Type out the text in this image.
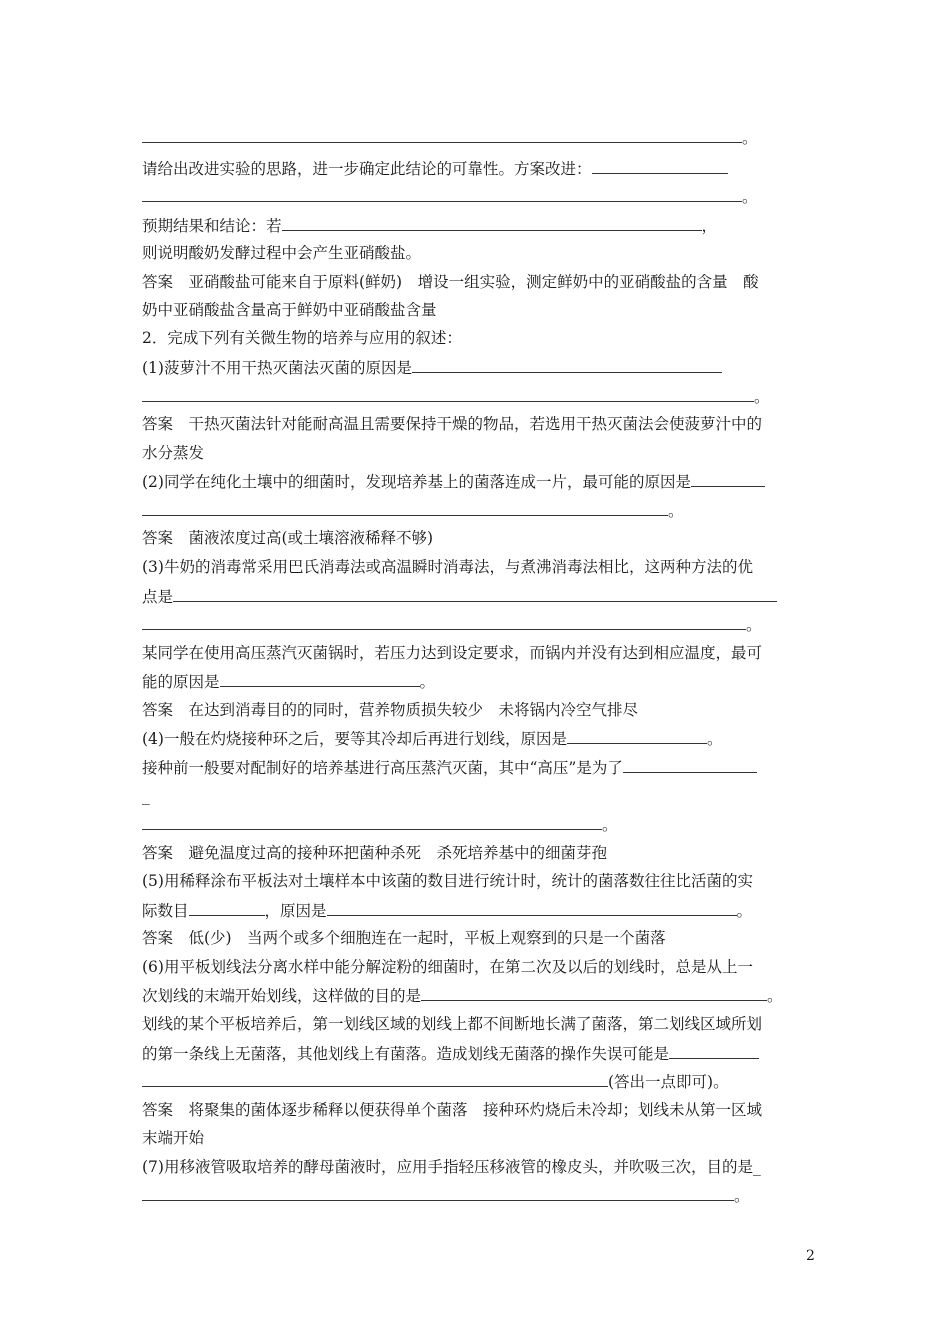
。
请给出改进实验的思路，进一步确定此结论的可靠性。方案改进：
。
预期结果和结论：若	，
则说明酸奶发酵过程中会产生亚硝酸盐。
答案　亚硝酸盐可能来自于原料(鲜奶)　增设一组实验，测定鲜奶中的亚硝酸盐的含量　酸
奶中亚硝酸盐含量高于鲜奶中亚硝酸盐含量
2．完成下列有关微生物的培养与应用的叙述：
(1)菠萝汁不用干热灭菌法灭菌的原因是
。
答案　干热灭菌法针对能耐高温且需要保持干燥的物品，若选用干热灭菌法会使菠萝汁中的
水分蒸发
(2)同学在纯化土壤中的细菌时，发现培养基上的菌落连成一片，最可能的原因是
。
答案　菌液浓度过高(或土壤溶液稀释不够)
(3)牛奶的消毒常采用巴氏消毒法或高温瞬时消毒法，与煮沸消毒法相比，这两种方法的优
点是
。
某同学在使用高压蒸汽灭菌锅时，若压力达到设定要求，而锅内并没有达到相应温度，最可
能的原因是	。
答案　在达到消毒目的的同时，营养物质损失较少　未将锅内冷空气排尽
(4)一般在灼烧接种环之后，要等其冷却后再进行划线，原因是	。
接种前一般要对配制好的培养基进行高压蒸汽灭菌，其中“高压”是为了
_
。
答案　避免温度过高的接种环把菌种杀死　杀死培养基中的细菌芽孢
(5)用稀释涂布平板法对土壤样本中该菌的数目进行统计时，统计的菌落数往往比活菌的实
际数目	，原因是	。
答案　低(少)　当两个或多个细胞连在一起时，平板上观察到的只是一个菌落
(6)用平板划线法分离水样中能分解淀粉的细菌时，在第二次及以后的划线时，总是从上一
次划线的末端开始划线，这样做的目的是	。
划线的某个平板培养后，第一划线区域的划线上都不间断地长满了菌落，第二划线区域所划
的第一条线上无菌落，其他划线上有菌落。造成划线无菌落的操作失误可能是
(答出一点即可)。
答案　将聚集的菌体逐步稀释以便获得单个菌落　接种环灼烧后未冷却；划线未从第一区域
末端开始
(7)用移液管吸取培养的酵母菌液时，应用手指轻压移液管的橡皮头，并吹吸三次，目的是_
。
2
